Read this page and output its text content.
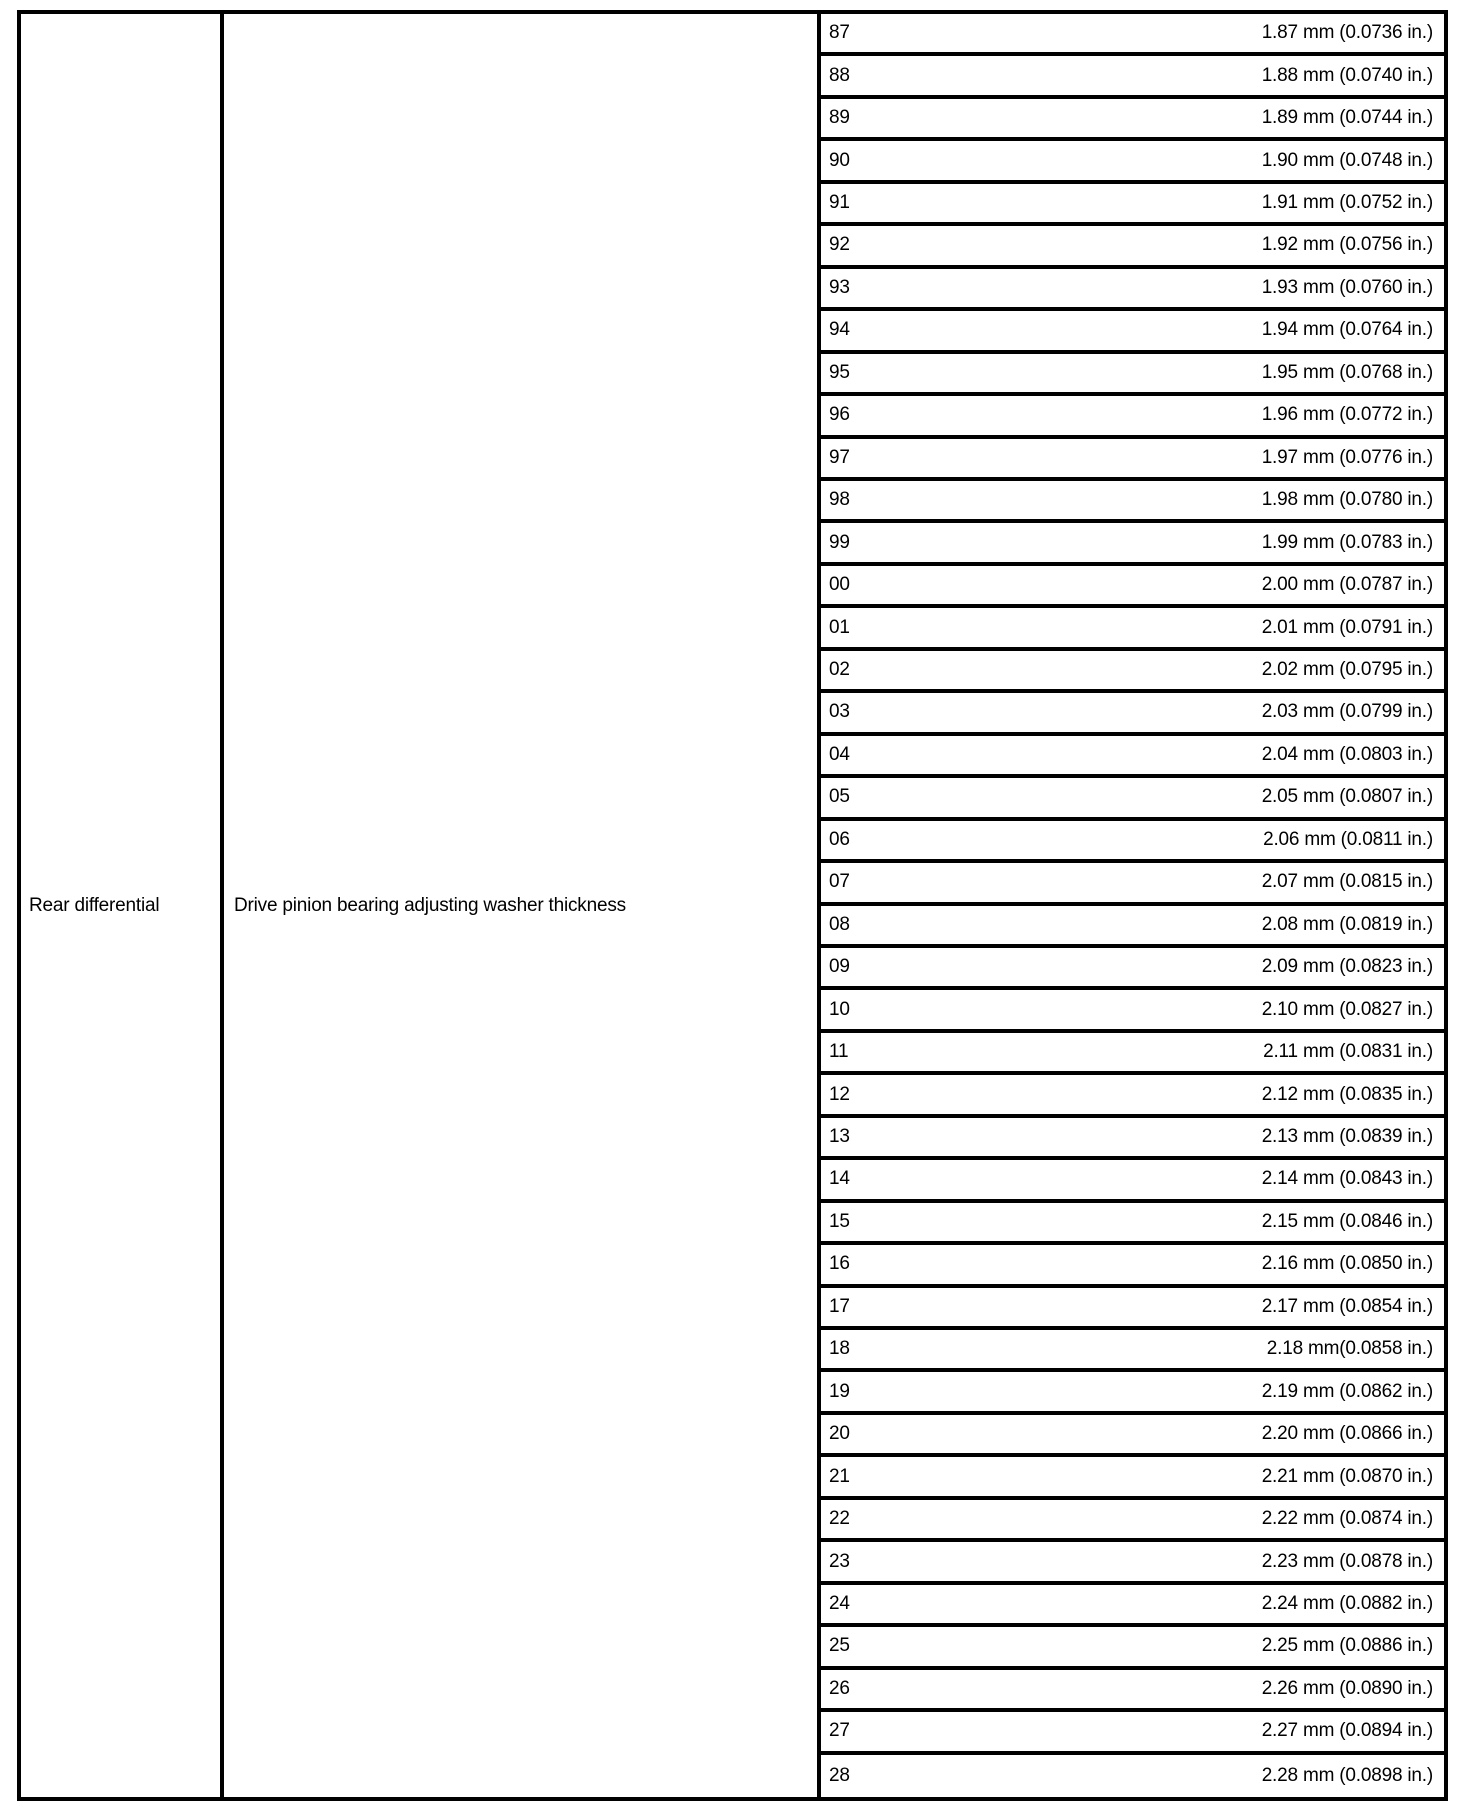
Rear differential	Drive pinion bearing adjusting washer thickness
87	1.87 mm (0.0736 in.)
88	1.88 mm (0.0740 in.)
89	1.89 mm (0.0744 in.)
90	1.90 mm (0.0748 in.)
91	1.91 mm (0.0752 in.)
92	1.92 mm (0.0756 in.)
93	1.93 mm (0.0760 in.)
94	1.94 mm (0.0764 in.)
95	1.95 mm (0.0768 in.)
96	1.96 mm (0.0772 in.)
97	1.97 mm (0.0776 in.)
98	1.98 mm (0.0780 in.)
99	1.99 mm (0.0783 in.)
00	2.00 mm (0.0787 in.)
01	2.01 mm (0.0791 in.)
02	2.02 mm (0.0795 in.)
03	2.03 mm (0.0799 in.)
04	2.04 mm (0.0803 in.)
05	2.05 mm (0.0807 in.)
06	2.06 mm (0.0811 in.)
07	2.07 mm (0.0815 in.)
08	2.08 mm (0.0819 in.)
09	2.09 mm (0.0823 in.)
10	2.10 mm (0.0827 in.)
11	2.11 mm (0.0831 in.)
12	2.12 mm (0.0835 in.)
13	2.13 mm (0.0839 in.)
14	2.14 mm (0.0843 in.)
15	2.15 mm (0.0846 in.)
16	2.16 mm (0.0850 in.)
17	2.17 mm (0.0854 in.)
18	2.18 mm(0.0858 in.)
19	2.19 mm (0.0862 in.)
20	2.20 mm (0.0866 in.)
21	2.21 mm (0.0870 in.)
22	2.22 mm (0.0874 in.)
23	2.23 mm (0.0878 in.)
24	2.24 mm (0.0882 in.)
25	2.25 mm (0.0886 in.)
26	2.26 mm (0.0890 in.)
27	2.27 mm (0.0894 in.)
28	2.28 mm (0.0898 in.)
